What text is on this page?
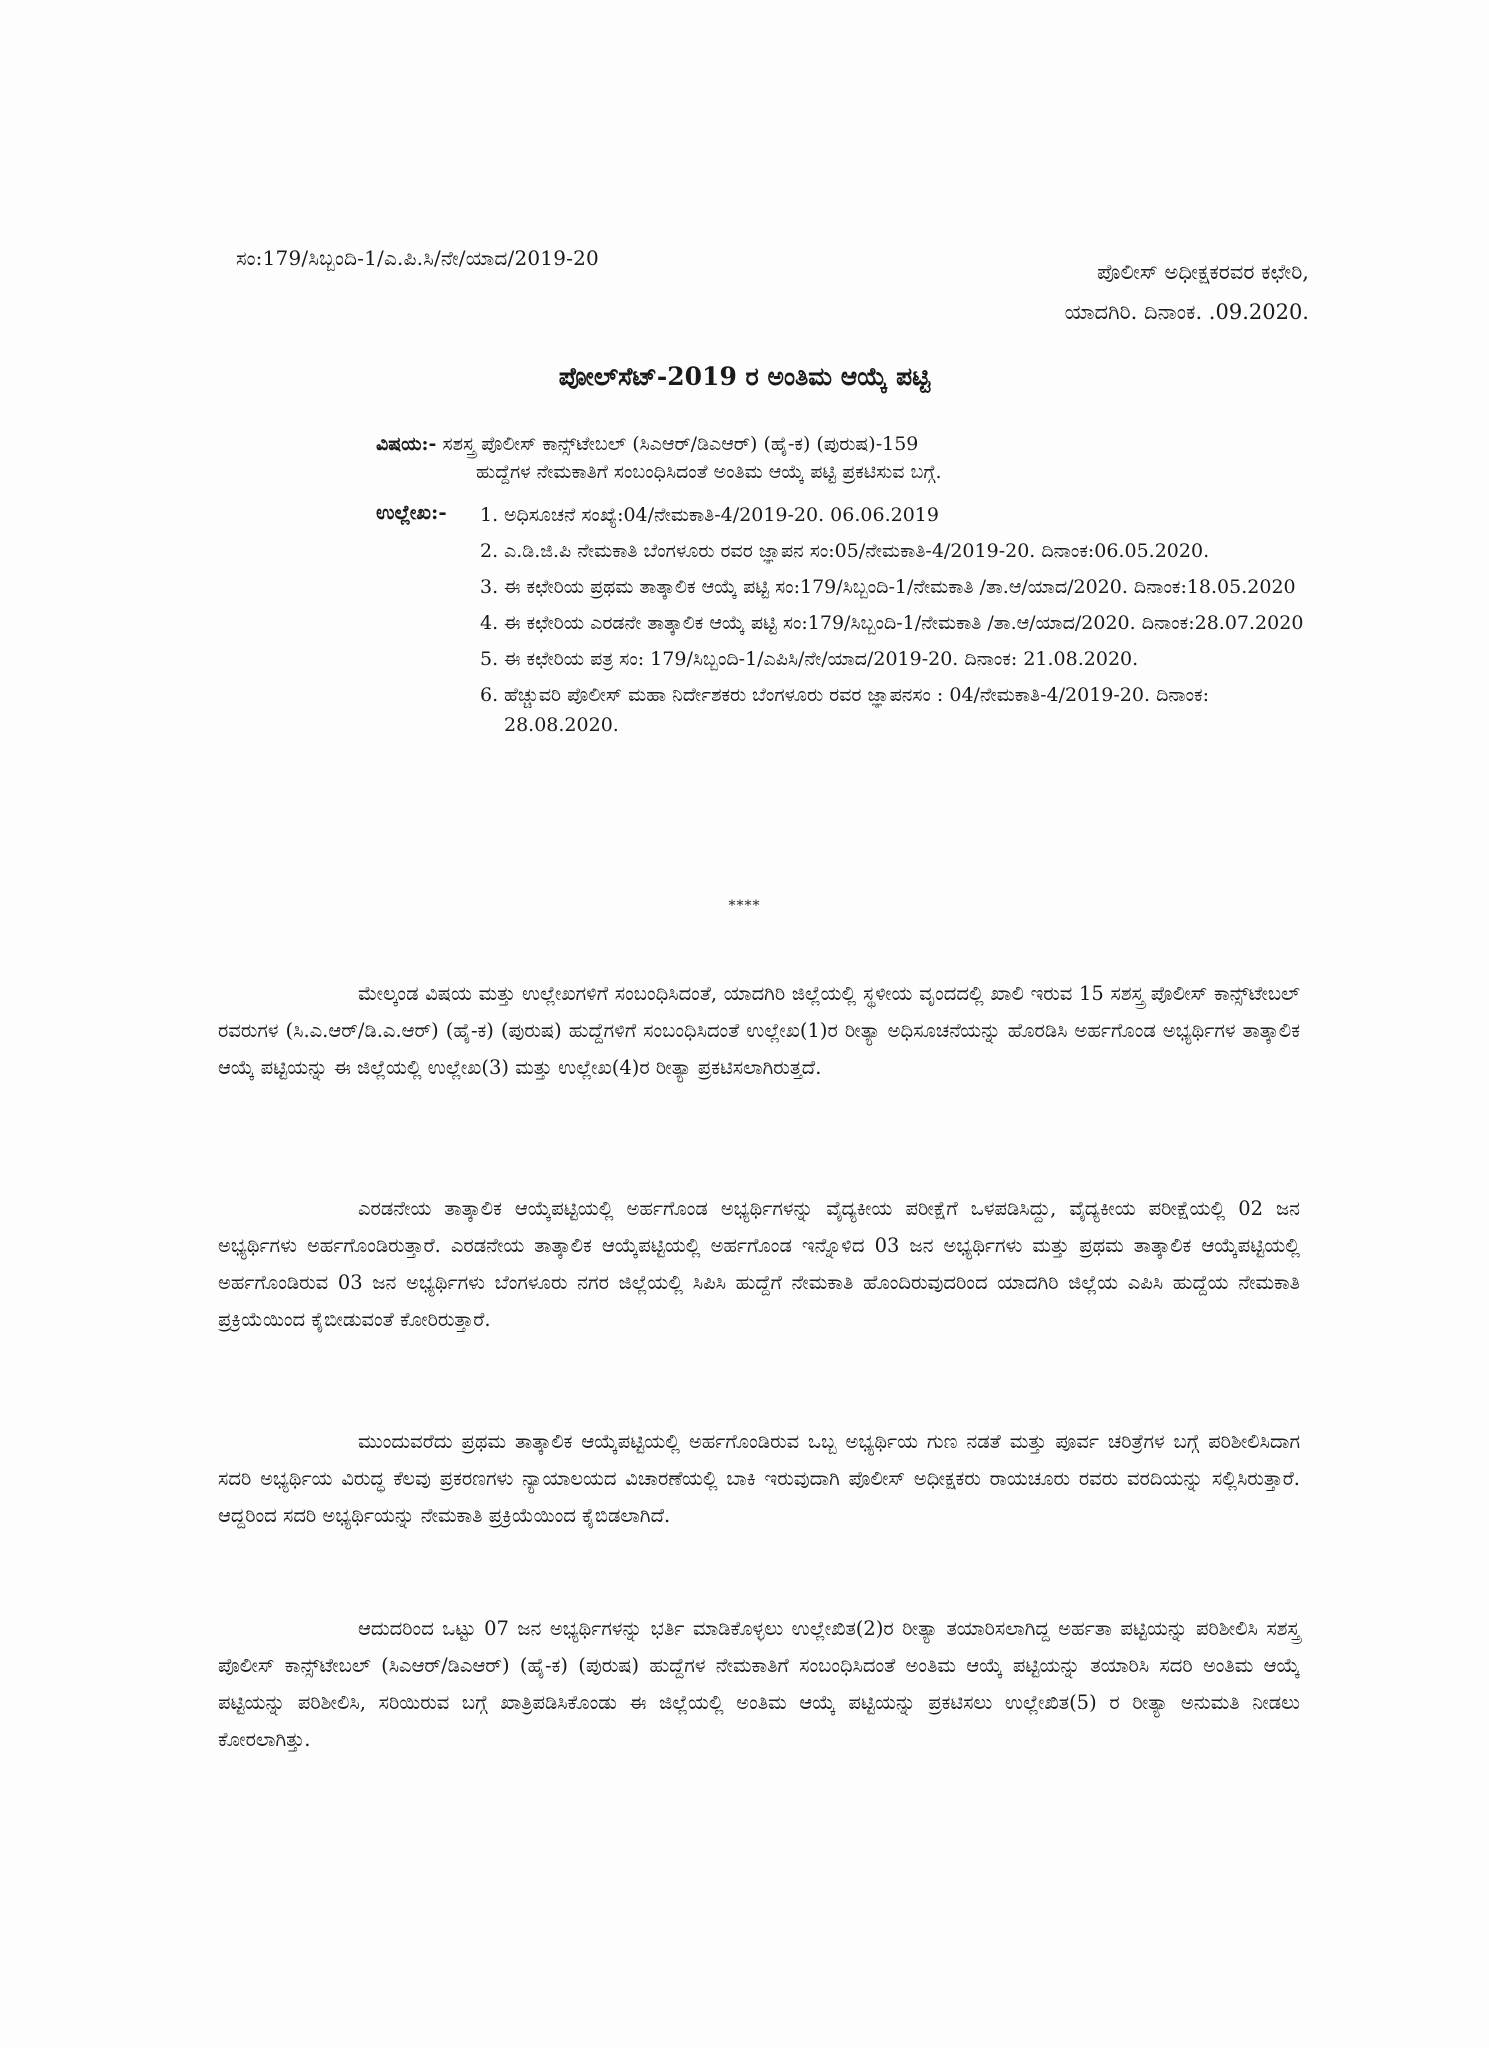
ಸಂ:179/ಸಿಬ್ಬಂದಿ-1/ಎ.ಪಿ.ಸಿ/ನೇ/ಯಾದ/2019-20
ಪೊಲೀಸ್ ಅಧೀಕ್ಷಕರವರ ಕಛೇರಿ,
ಯಾದಗಿರಿ. ದಿನಾಂಕ. .09.2020.
ಪೋಲ್‌ಸೆಟ್-2019 ರ ಅಂತಿಮ ಆಯ್ಕೆ ಪಟ್ಟಿ
ವಿಷಯ:- ಸಶಸ್ತ್ರ ಪೊಲೀಸ್ ಕಾನ್ಸ್‌ಟೇಬಲ್ (ಸಿಎಆರ್/ಡಿಎಆರ್) (ಹೈ-ಕ) (ಪುರುಷ)-159
ಹುದ್ದೆಗಳ ನೇಮಕಾತಿಗೆ ಸಂಬಂಧಿಸಿದಂತೆ ಅಂತಿಮ ಆಯ್ಕೆ ಪಟ್ಟಿ ಪ್ರಕಟಿಸುವ ಬಗ್ಗೆ.
ಉಲ್ಲೇಖ:- 1. ಅಧಿಸೂಚನೆ ಸಂಖ್ಯೆ:04/ನೇಮಕಾತಿ-4/2019-20. 06.06.2019
2. ಎ.ಡಿ.ಜಿ.ಪಿ ನೇಮಕಾತಿ ಬೆಂಗಳೂರು ರವರ ಜ್ಞಾಪನ ಸಂ:05/ನೇಮಕಾತಿ-4/2019-20. ದಿನಾಂಕ:06.05.2020.
3. ಈ ಕಛೇರಿಯ ಪ್ರಥಮ ತಾತ್ಕಾಲಿಕ ಆಯ್ಕೆ ಪಟ್ಟಿ ಸಂ:179/ಸಿಬ್ಬಂದಿ-1/ನೇಮಕಾತಿ /ತಾ.ಆ/ಯಾದ/2020. ದಿನಾಂಕ:18.05.2020
4. ಈ ಕಛೇರಿಯ ಎರಡನೇ ತಾತ್ಕಾಲಿಕ ಆಯ್ಕೆ ಪಟ್ಟಿ ಸಂ:179/ಸಿಬ್ಬಂದಿ-1/ನೇಮಕಾತಿ /ತಾ.ಆ/ಯಾದ/2020. ದಿನಾಂಕ:28.07.2020
5. ಈ ಕಛೇರಿಯ ಪತ್ರ ಸಂ: 179/ಸಿಬ್ಬಂದಿ-1/ಎಪಿಸಿ/ನೇ/ಯಾದ/2019-20. ದಿನಾಂಕ: 21.08.2020.
6. ಹೆಚ್ಚುವರಿ ಪೊಲೀಸ್ ಮಹಾ ನಿರ್ದೇಶಕರು ಬೆಂಗಳೂರು ರವರ ಜ್ಞಾಪನಸಂ : 04/ನೇಮಕಾತಿ-4/2019-20. ದಿನಾಂಕ: 28.08.2020.
****

ಮೇಲ್ಕಂಡ ವಿಷಯ ಮತ್ತು ಉಲ್ಲೇಖಗಳಿಗೆ ಸಂಬಂಧಿಸಿದಂತೆ, ಯಾದಗಿರಿ ಜಿಲ್ಲೆಯಲ್ಲಿ ಸ್ಥಳೀಯ ವೃಂದದಲ್ಲಿ ಖಾಲಿ ಇರುವ 15 ಸಶಸ್ತ್ರ ಪೊಲೀಸ್ ಕಾನ್ಸ್‌ಟೇಬಲ್ ರವರುಗಳ (ಸಿ.ಎ.ಆರ್/ಡಿ.ಎ.ಆರ್) (ಹೈ-ಕ) (ಪುರುಷ) ಹುದ್ದೆಗಳಿಗೆ ಸಂಬಂಧಿಸಿದಂತೆ ಉಲ್ಲೇಖ(1)ರ ರೀತ್ಯಾ ಅಧಿಸೂಚನೆಯನ್ನು ಹೊರಡಿಸಿ ಅರ್ಹಗೊಂಡ ಅಭ್ಯರ್ಥಿಗಳ ತಾತ್ಕಾಲಿಕ ಆಯ್ಕೆ ಪಟ್ಟಿಯನ್ನು ಈ ಜಿಲ್ಲೆಯಲ್ಲಿ ಉಲ್ಲೇಖ(3) ಮತ್ತು ಉಲ್ಲೇಖ(4)ರ ರೀತ್ಯಾ ಪ್ರಕಟಿಸಲಾಗಿರುತ್ತದೆ.

ಎರಡನೇಯ ತಾತ್ಕಾಲಿಕ ಆಯ್ಕೆಪಟ್ಟಿಯಲ್ಲಿ ಅರ್ಹಗೊಂಡ ಅಭ್ಯರ್ಥಿಗಳನ್ನು ವೈದ್ಯಕೀಯ ಪರೀಕ್ಷೆಗೆ ಒಳಪಡಿಸಿದ್ದು, ವೈದ್ಯಕೀಯ ಪರೀಕ್ಷೆಯಲ್ಲಿ 02 ಜನ ಅಭ್ಯರ್ಥಿಗಳು ಅರ್ಹಗೊಂಡಿರುತ್ತಾರೆ. ಎರಡನೇಯ ತಾತ್ಕಾಲಿಕ ಆಯ್ಕೆಪಟ್ಟಿಯಲ್ಲಿ ಅರ್ಹಗೊಂಡ ಇನ್ನೊಳಿದ 03 ಜನ ಅಭ್ಯರ್ಥಿಗಳು ಮತ್ತು ಪ್ರಥಮ ತಾತ್ಕಾಲಿಕ ಆಯ್ಕೆಪಟ್ಟಿಯಲ್ಲಿ ಅರ್ಹಗೊಂಡಿರುವ 03 ಜನ ಅಭ್ಯರ್ಥಿಗಳು ಬೆಂಗಳೂರು ನಗರ ಜಿಲ್ಲೆಯಲ್ಲಿ ಸಿಪಿಸಿ ಹುದ್ದೆಗೆ ನೇಮಕಾತಿ ಹೊಂದಿರುವುದರಿಂದ ಯಾದಗಿರಿ ಜಿಲ್ಲೆಯ ಎಪಿಸಿ ಹುದ್ದೆಯ ನೇಮಕಾತಿ ಪ್ರಕ್ರಿಯೆಯಿಂದ ಕೈಬೀಡುವಂತೆ ಕೋರಿರುತ್ತಾರೆ.

ಮುಂದುವರೆದು ಪ್ರಥಮ ತಾತ್ಕಾಲಿಕ ಆಯ್ಕೆಪಟ್ಟಿಯಲ್ಲಿ ಅರ್ಹಗೊಂಡಿರುವ ಒಬ್ಬ ಅಭ್ಯರ್ಥಿಯ ಗುಣ ನಡತೆ ಮತ್ತು ಪೂರ್ವ ಚರಿತ್ರೆಗಳ ಬಗ್ಗೆ ಪರಿಶೀಲಿಸಿದಾಗ ಸದರಿ ಅಭ್ಯರ್ಥಿಯ ವಿರುದ್ಧ ಕೆಲವು ಪ್ರಕರಣಗಳು ನ್ಯಾಯಾಲಯದ ವಿಚಾರಣೆಯಲ್ಲಿ ಬಾಕಿ ಇರುವುದಾಗಿ ಪೊಲೀಸ್ ಅಧೀಕ್ಷಕರು ರಾಯಚೂರು ರವರು ವರದಿಯನ್ನು ಸಲ್ಲಿಸಿರುತ್ತಾರೆ. ಆದ್ದರಿಂದ ಸದರಿ ಅಭ್ಯರ್ಥಿಯನ್ನು ನೇಮಕಾತಿ ಪ್ರಕ್ರಿಯೆಯಿಂದ ಕೈಬಿಡಲಾಗಿದೆ.

ಆದುದರಿಂದ ಒಟ್ಟು 07 ಜನ ಅಭ್ಯರ್ಥಿಗಳನ್ನು ಭರ್ತಿ ಮಾಡಿಕೊಳ್ಳಲು ಉಲ್ಲೇಖಿತ(2)ರ ರೀತ್ಯಾ ತಯಾರಿಸಲಾಗಿದ್ದ ಅರ್ಹತಾ ಪಟ್ಟಿಯನ್ನು ಪರಿಶೀಲಿಸಿ ಸಶಸ್ತ್ರ ಪೊಲೀಸ್ ಕಾನ್ಸ್‌ಟೇಬಲ್ (ಸಿಎಆರ್/ಡಿಎಆರ್) (ಹೈ-ಕ) (ಪುರುಷ) ಹುದ್ದೆಗಳ ನೇಮಕಾತಿಗೆ ಸಂಬಂಧಿಸಿದಂತೆ ಅಂತಿಮ ಆಯ್ಕೆ ಪಟ್ಟಿಯನ್ನು ತಯಾರಿಸಿ ಸದರಿ ಅಂತಿಮ ಆಯ್ಕೆ ಪಟ್ಟಿಯನ್ನು ಪರಿಶೀಲಿಸಿ, ಸರಿಯಿರುವ ಬಗ್ಗೆ ಖಾತ್ರಿಪಡಿಸಿಕೊಂಡು ಈ ಜಿಲ್ಲೆಯಲ್ಲಿ ಅಂತಿಮ ಆಯ್ಕೆ ಪಟ್ಟಿಯನ್ನು ಪ್ರಕಟಿಸಲು ಉಲ್ಲೇಖಿತ(5) ರ ರೀತ್ಯಾ ಅನುಮತಿ ನೀಡಲು ಕೋರಲಾಗಿತ್ತು.
